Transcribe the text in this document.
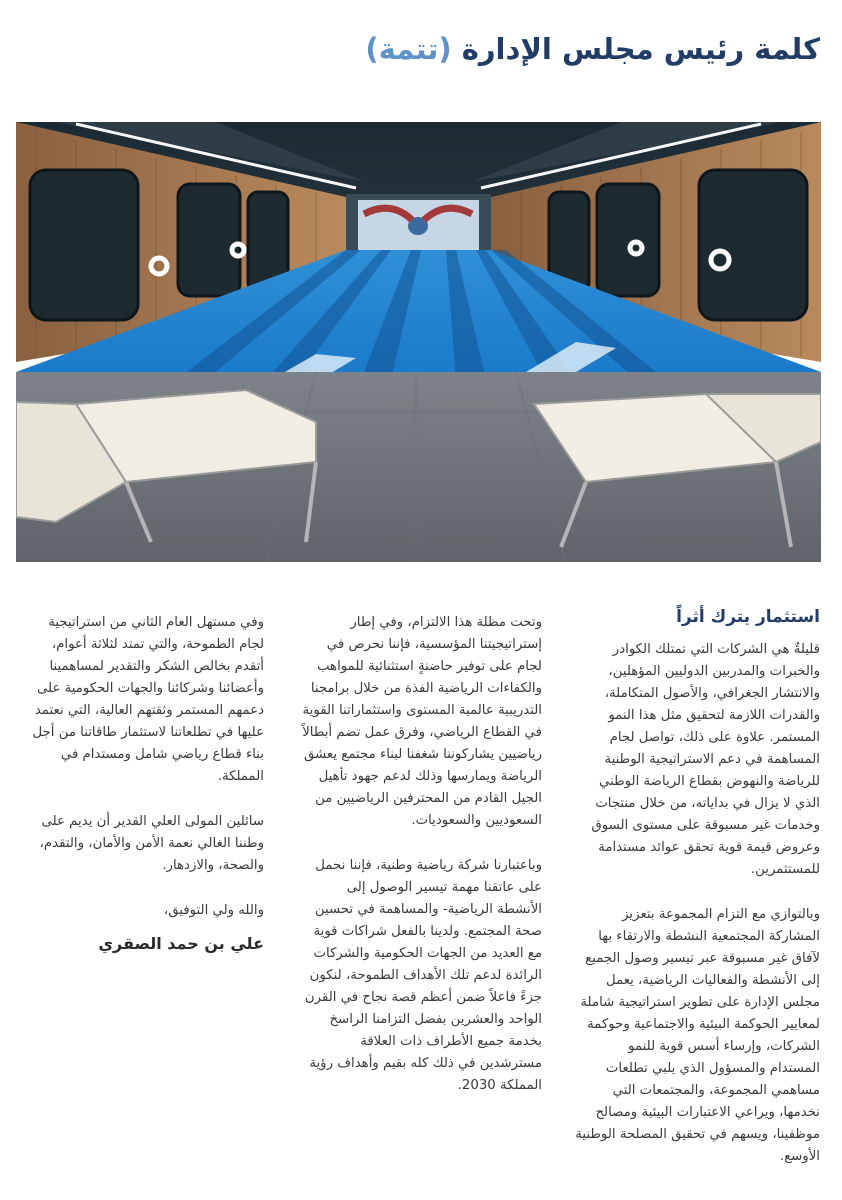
كلمة رئيس مجلس الإدارة (تتمة)
استثمار يترك أثراً

قليلةٌ هي الشركات التي تمتلك الكوادر والخبرات والمدربين الدوليين المؤهلين، والانتشار الجغرافي، والأصول المتكاملة، والقدرات اللازمة لتحقيق مثل هذا النمو المستمر. علاوة على ذلك، تواصل لجام المساهمة في دعم الاستراتيجية الوطنية للرياضة والنهوض بقطاع الرياضة الوطني الذي لا يزال في بداياته، من خلال منتجات وخدمات غير مسبوقة على مستوى السوق وعروض قيمة قوية تحقق عوائد مستدامة للمستثمرين.

وبالتوازي مع التزام المجموعة بتعزيز المشاركة المجتمعية النشطة والارتقاء بها لآفاق غير مسبوقة عبر تيسير وصول الجميع إلى الأنشطة والفعاليات الرياضية، يعمل مجلس الإدارة على تطوير استراتيجية شاملة لمعايير الحوكمة البيئية والاجتماعية وحوكمة الشركات، وإرساء أسس قوية للنمو المستدام والمسؤول الذي يلبي تطلعات مساهمي المجموعة، والمجتمعات التي نخدمها، ويراعي الاعتبارات البيئية ومصالح موظفينا، ويسهم في تحقيق المصلحة الوطنية الأوسع.

وتحت مظلة هذا الالتزام، وفي إطار إستراتيجيتنا المؤسسية، فإننا نحرص في لجام على توفير حاضنةٍ استثنائية للمواهب والكفاءات الرياضية الفذة من خلال برامجنا التدريبية عالمية المستوى واستثماراتنا القوية في القطاع الرياضي، وفرق عمل تضم أبطالاً رياضيين يشاركوننا شغفنا لبناء مجتمع يعشق الرياضة ويمارسها وذلك لدعم جهود تأهيل الجيل القادم من المحترفين الرياضيين من السعوديين والسعوديات.

وباعتبارنا شركة رياضية وطنية، فإننا نحمل على عاتقنا مهمة تيسير الوصول إلى الأنشطة الرياضية- والمساهمة في تحسين صحة المجتمع. ولدينا بالفعل شراكات قوية مع العديد من الجهات الحكومية والشركات الرائدة لدعم تلك الأهداف الطموحة، لنكون جزءً فاعلاً ضمن أعظم قصة نجاح في القرن الواحد والعشرين بفضل التزامنا الراسخ بخدمة جميع الأطراف ذات العلاقة مسترشدين في ذلك كله بقيم وأهداف رؤية المملكة 2030.

وفي مستهل العام الثاني من استراتيجية لجام الطموحة، والتي تمتد لثلاثة أعوام، أتقدم بخالص الشكر والتقدير لمساهمينا وأعضائنا وشركائنا والجهات الحكومية على دعمهم المستمر وثقتهم العالية، التي نعتمد عليها في تطلعاتنا لاستثمار طاقاتنا من أجل بناء قطاع رياضي شامل ومستدام في المملكة.

سائلين المولى العلي القدير أن يديم على وطننا الغالي نعمة الأمن والأمان، والتقدم، والصحة، والازدهار.

والله ولي التوفيق،

علي بن حمد الصقري
